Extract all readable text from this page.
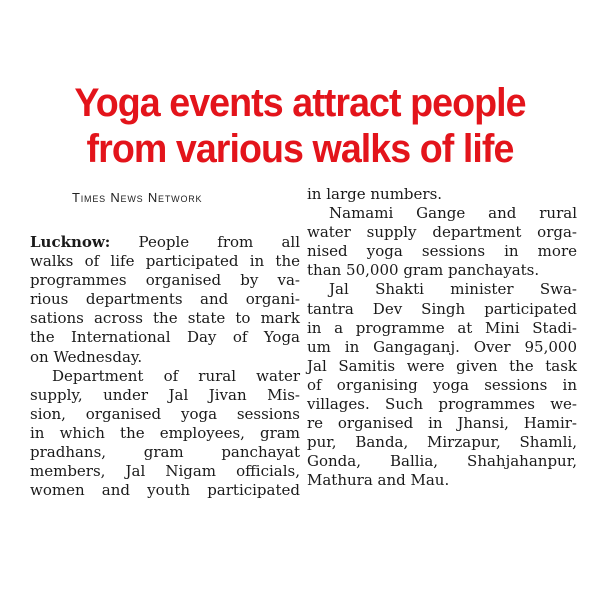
Yoga events attract people
from various walks of life
Times News Network

Lucknow: People from all
walks of life participated in the
programmes organised by va-
rious departments and organi-
sations across the state to mark
the International Day of Yoga
on Wednesday.

Department of rural water
supply, under Jal Jivan Mis-
sion, organised yoga sessions
in which the employees, gram
pradhans, gram panchayat
members, Jal Nigam officials,
women and youth participated

in large numbers.

Namami Gange and rural
water supply department orga-
nised yoga sessions in more
than 50,000 gram panchayats.

Jal Shakti minister Swa-
tantra Dev Singh participated
in a programme at Mini Stadi-
um in Gangaganj. Over 95,000
Jal Samitis were given the task
of organising yoga sessions in
villages. Such programmes we-
re organised in Jhansi, Hamir-
pur, Banda, Mirzapur, Shamli,
Gonda, Ballia, Shahjahanpur,
Mathura and Mau.
